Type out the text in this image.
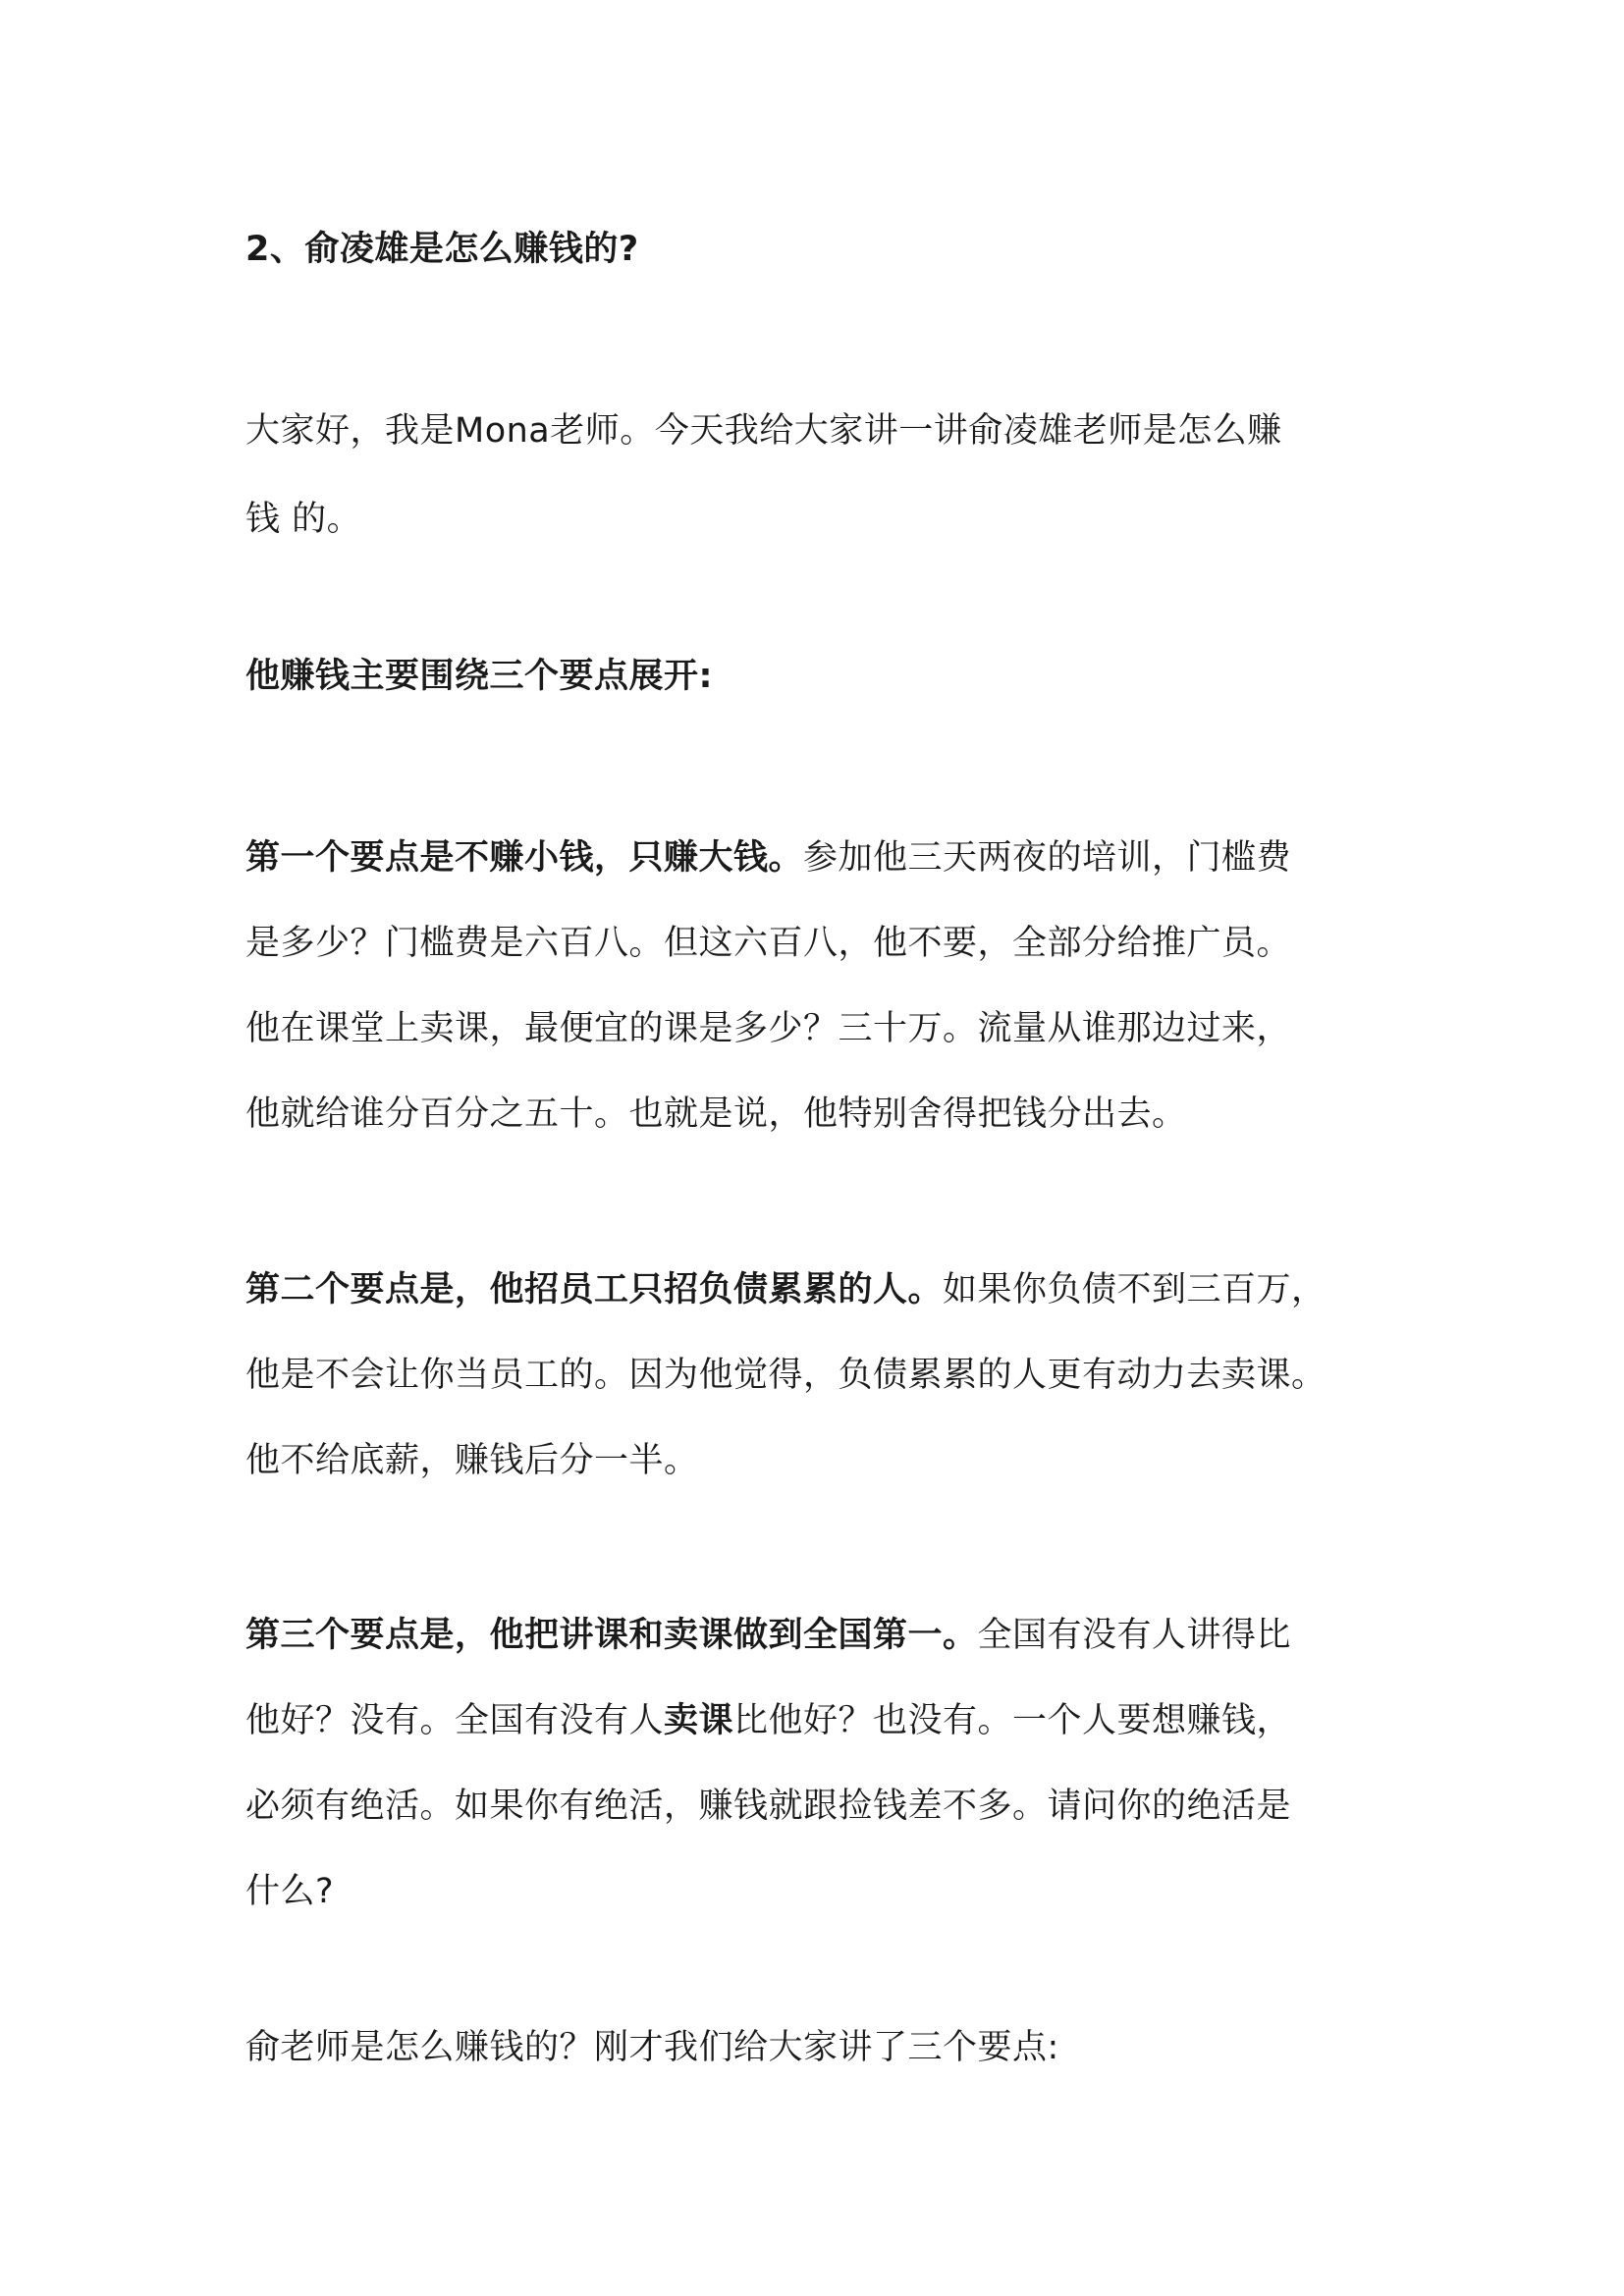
2、俞凌雄是怎么赚钱的?
大家好，我是Mona老师。今天我给大家讲一讲俞凌雄老师是怎么赚
钱 的。
他赚钱主要围绕三个要点展开:
第一个要点是不赚小钱，只赚大钱。参加他三天两夜的培训，门槛费
是多少？门槛费是六百八。但这六百八，他不要，全部分给推广员。
他在课堂上卖课，最便宜的课是多少？三十万。流量从谁那边过来，
他就给谁分百分之五十。也就是说，他特别舍得把钱分出去。
第二个要点是，他招员工只招负债累累的人。如果你负债不到三百万，
他是不会让你当员工的。因为他觉得，负债累累的人更有动力去卖课。
他不给底薪，赚钱后分一半。
第三个要点是，他把讲课和卖课做到全国第一。全国有没有人讲得比
他好？没有。全国有没有人卖课比他好？也没有。一个人要想赚钱，
必须有绝活。如果你有绝活，赚钱就跟捡钱差不多。请问你的绝活是
什么?
俞老师是怎么赚钱的？刚才我们给大家讲了三个要点:
